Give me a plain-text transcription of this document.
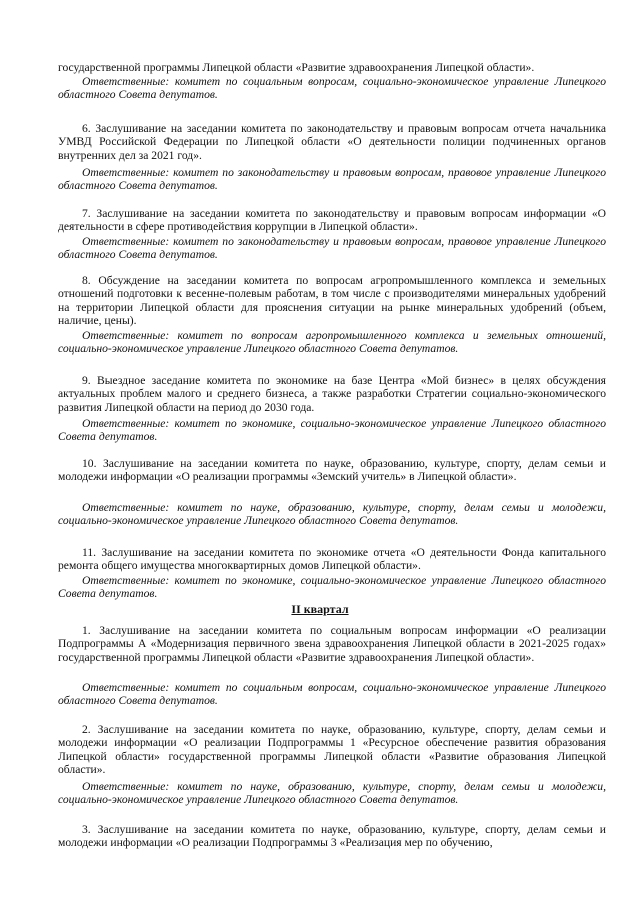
государственной программы Липецкой области «Развитие здравоохранения Липецкой области».

Ответственные: комитет по социальным вопросам, социально-экономическое управление Липецкого областного Совета депутатов.

6. Заслушивание на заседании комитета по законодательству и правовым вопросам отчета начальника УМВД Российской Федерации по Липецкой области «О деятельности полиции подчиненных органов внутренних дел за 2021 год».

Ответственные: комитет по законодательству и правовым вопросам, правовое управление Липецкого областного Совета депутатов.

7. Заслушивание на заседании комитета по законодательству и правовым вопросам информации «О деятельности в сфере противодействия коррупции в Липецкой области».

Ответственные: комитет по законодательству и правовым вопросам, правовое управление Липецкого областного Совета депутатов.

8. Обсуждение на заседании комитета по вопросам агропромышленного комплекса и земельных отношений подготовки к весенне-полевым работам, в том числе с производителями минеральных удобрений на территории Липецкой области для прояснения ситуации на рынке минеральных удобрений (объем, наличие, цены).

Ответственные: комитет по вопросам агропромышленного комплекса и земельных отношений, социально-экономическое управление Липецкого областного Совета депутатов.

9. Выездное заседание комитета по экономике на базе Центра «Мой бизнес» в целях обсуждения актуальных проблем малого и среднего бизнеса, а также разработки Стратегии социально-экономического развития Липецкой области на период до 2030 года.

Ответственные: комитет по экономике, социально-экономическое управление Липецкого областного Совета депутатов.

10. Заслушивание на заседании комитета по науке, образованию, культуре, спорту, делам семьи и молодежи информации «О реализации программы «Земский учитель» в Липецкой области».

Ответственные: комитет по науке, образованию, культуре, спорту, делам семьи и молодежи, социально-экономическое управление Липецкого областного Совета депутатов.

11. Заслушивание на заседании комитета по экономике отчета «О деятельности Фонда капитального ремонта общего имущества многоквартирных домов Липецкой области».

Ответственные: комитет по экономике, социально-экономическое управление Липецкого областного Совета депутатов.

II квартал

1. Заслушивание на заседании комитета по социальным вопросам информации «О реализации Подпрограммы А «Модернизация первичного звена здравоохранения Липецкой области в 2021-2025 годах» государственной программы Липецкой области «Развитие здравоохранения Липецкой области».

Ответственные: комитет по социальным вопросам, социально-экономическое управление Липецкого областного Совета депутатов.

2. Заслушивание на заседании комитета по науке, образованию, культуре, спорту, делам семьи и молодежи информации «О реализации Подпрограммы 1 «Ресурсное обеспечение развития образования Липецкой области» государственной программы Липецкой области «Развитие образования Липецкой области».

Ответственные: комитет по науке, образованию, культуре, спорту, делам семьи и молодежи, социально-экономическое управление Липецкого областного Совета депутатов.

3. Заслушивание на заседании комитета по науке, образованию, культуре, спорту, делам семьи и молодежи информации «О реализации Подпрограммы 3 «Реализация мер по обучению,
